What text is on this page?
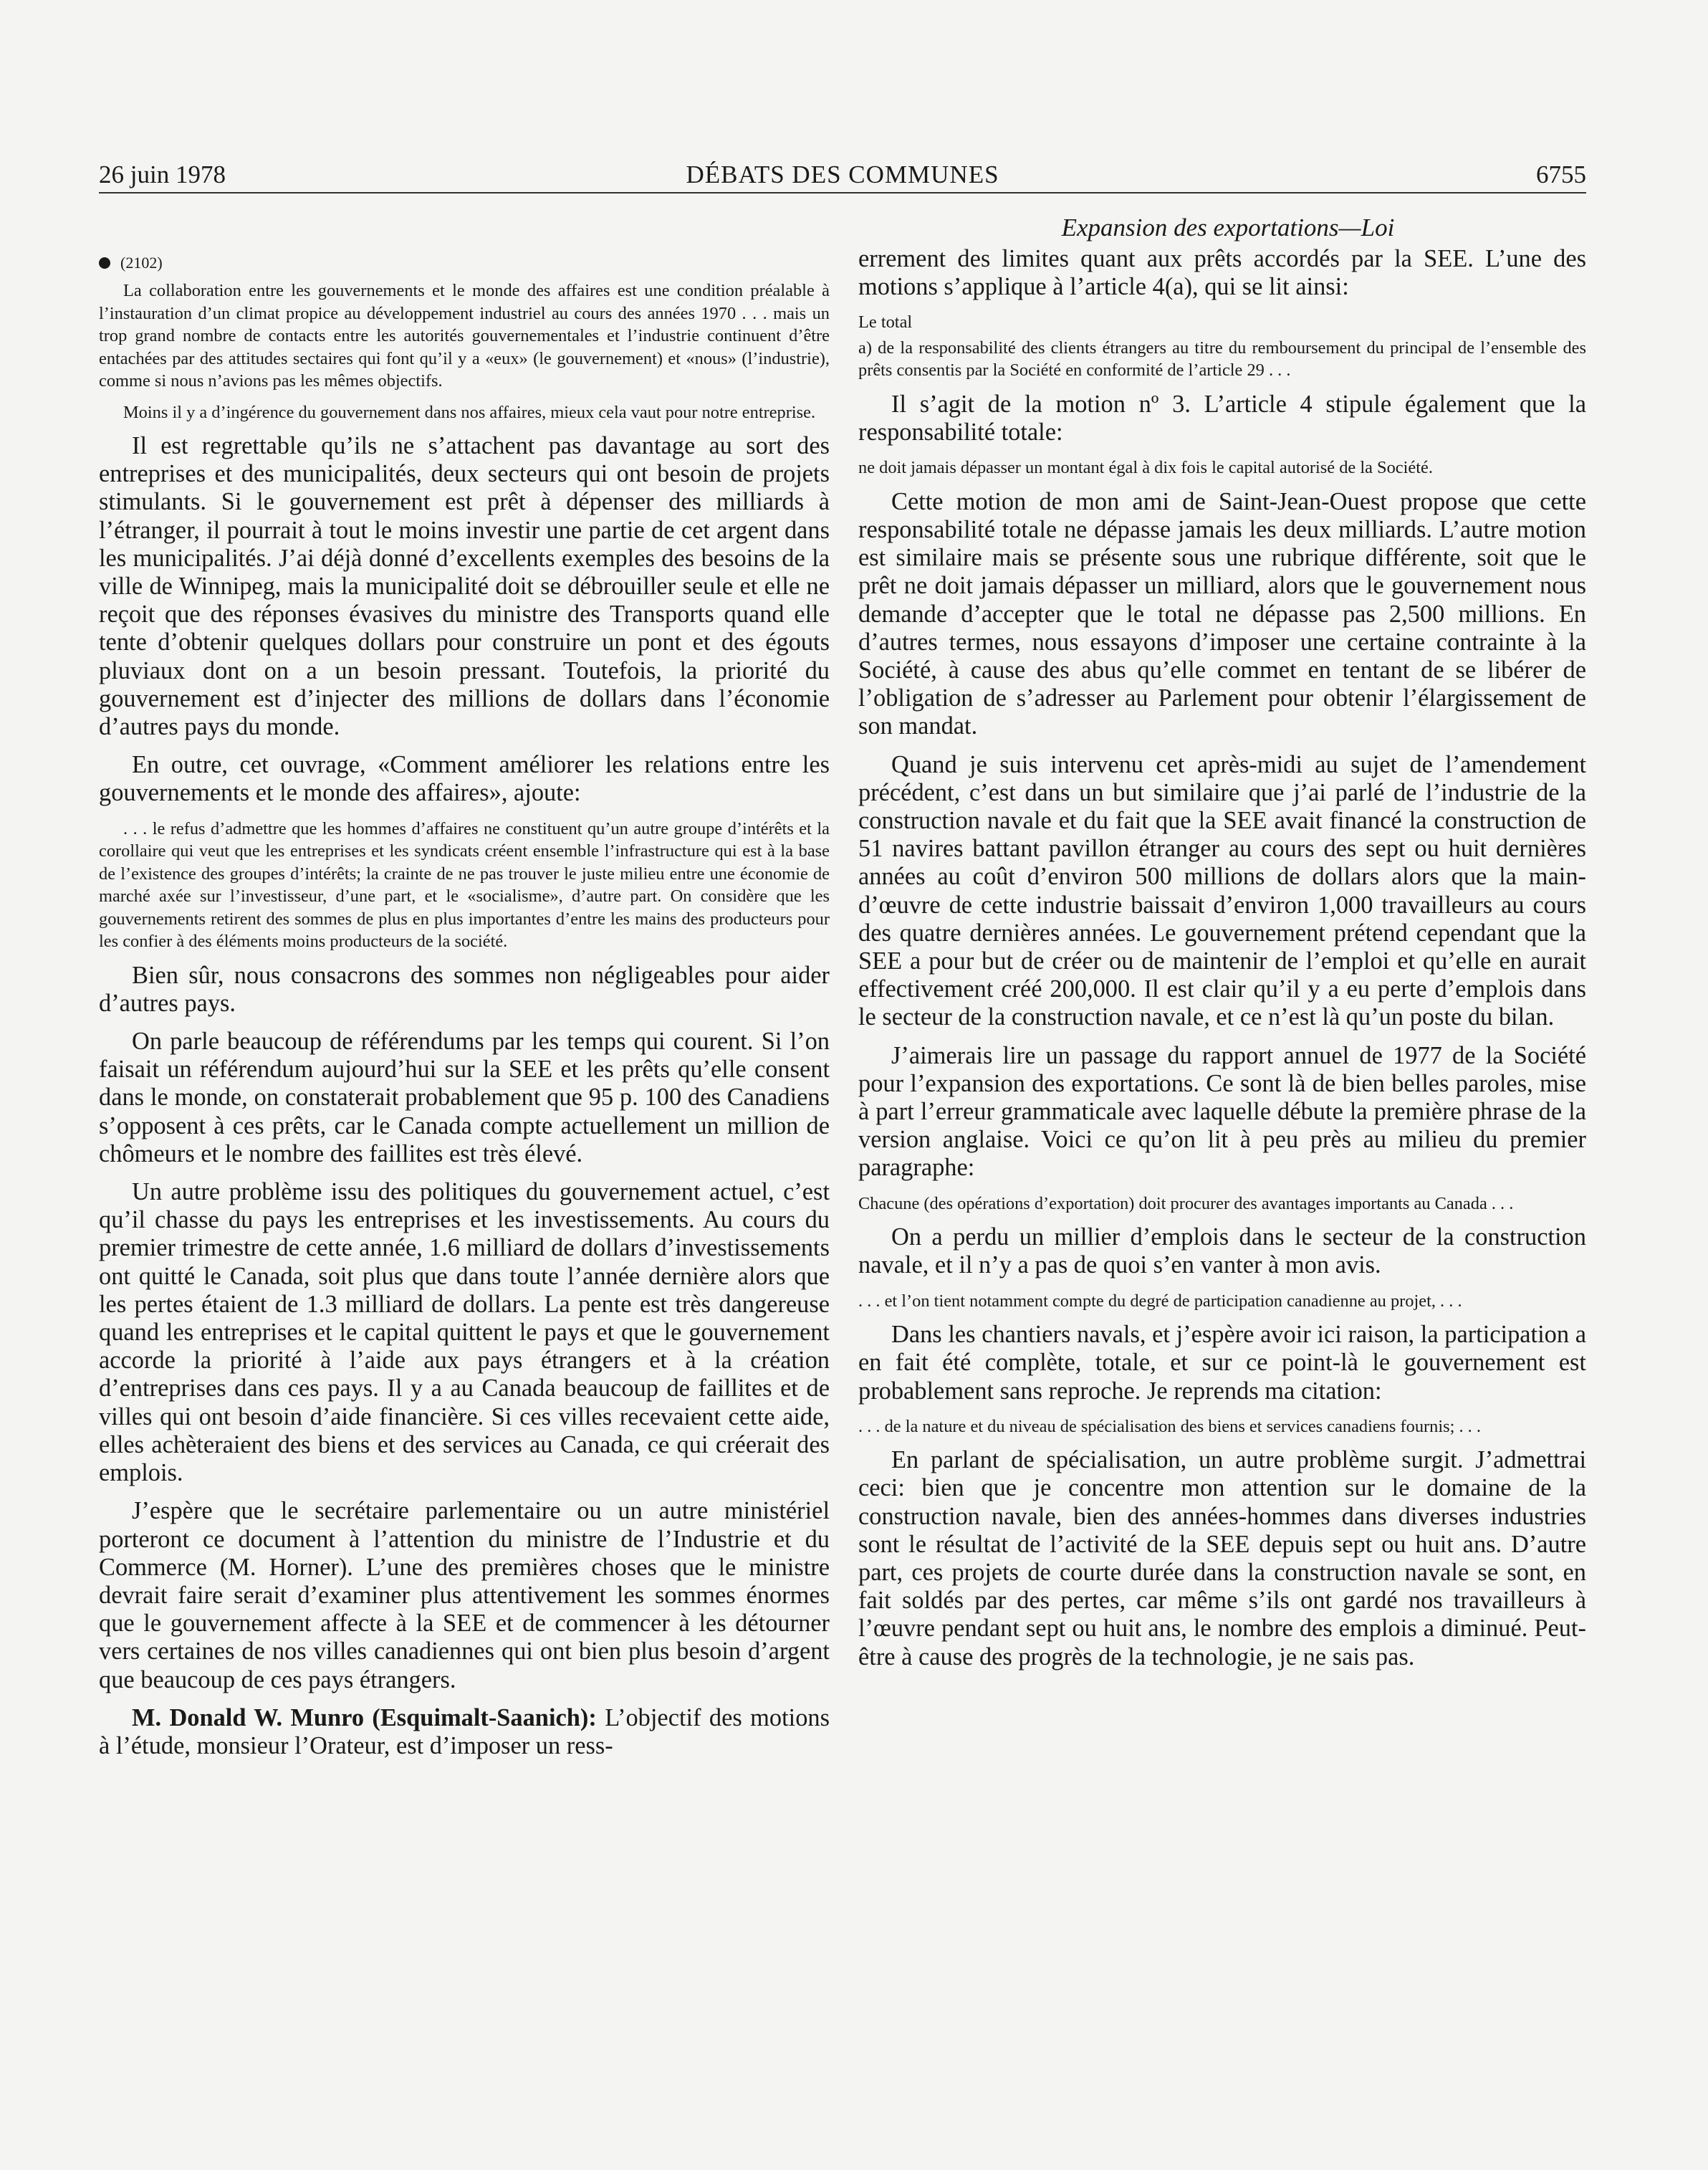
26 juin 1978	DÉBATS DES COMMUNES	6755
(2102)

La collaboration entre les gouvernements et le monde des affaires est une condition préalable à l’instauration d’un climat propice au développement industriel au cours des années 1970 . . . mais un trop grand nombre de contacts entre les autorités gouvernementales et l’industrie continuent d’être entachées par des attitudes sectaires qui font qu’il y a «eux» (le gouvernement) et «nous» (l’industrie), comme si nous n’avions pas les mêmes objectifs.

Moins il y a d’ingérence du gouvernement dans nos affaires, mieux cela vaut pour notre entreprise.

Il est regrettable qu’ils ne s’attachent pas davantage au sort des entreprises et des municipalités, deux secteurs qui ont besoin de projets stimulants. Si le gouvernement est prêt à dépenser des milliards à l’étranger, il pourrait à tout le moins investir une partie de cet argent dans les municipalités. J’ai déjà donné d’excellents exemples des besoins de la ville de Winnipeg, mais la municipalité doit se débrouiller seule et elle ne reçoit que des réponses évasives du ministre des Transports quand elle tente d’obtenir quelques dollars pour construire un pont et des égouts pluviaux dont on a un besoin pressant. Toutefois, la priorité du gouvernement est d’injecter des millions de dollars dans l’économie d’autres pays du monde.

En outre, cet ouvrage, «Comment améliorer les relations entre les gouvernements et le monde des affaires», ajoute:

. . . le refus d’admettre que les hommes d’affaires ne constituent qu’un autre groupe d’intérêts et la corollaire qui veut que les entreprises et les syndicats créent ensemble l’infrastructure qui est à la base de l’existence des groupes d’intérêts; la crainte de ne pas trouver le juste milieu entre une économie de marché axée sur l’investisseur, d’une part, et le «socialisme», d’autre part. On considère que les gouvernements retirent des sommes de plus en plus importantes d’entre les mains des producteurs pour les confier à des éléments moins producteurs de la société.

Bien sûr, nous consacrons des sommes non négligeables pour aider d’autres pays.

On parle beaucoup de référendums par les temps qui courent. Si l’on faisait un référendum aujourd’hui sur la SEE et les prêts qu’elle consent dans le monde, on constaterait probablement que 95 p. 100 des Canadiens s’opposent à ces prêts, car le Canada compte actuellement un million de chômeurs et le nombre des faillites est très élevé.

Un autre problème issu des politiques du gouvernement actuel, c’est qu’il chasse du pays les entreprises et les investissements. Au cours du premier trimestre de cette année, 1.6 milliard de dollars d’investissements ont quitté le Canada, soit plus que dans toute l’année dernière alors que les pertes étaient de 1.3 milliard de dollars. La pente est très dangereuse quand les entreprises et le capital quittent le pays et que le gouvernement accorde la priorité à l’aide aux pays étrangers et à la création d’entreprises dans ces pays. Il y a au Canada beaucoup de faillites et de villes qui ont besoin d’aide financière. Si ces villes recevaient cette aide, elles achèteraient des biens et des services au Canada, ce qui créerait des emplois.

J’espère que le secrétaire parlementaire ou un autre ministériel porteront ce document à l’attention du ministre de l’Industrie et du Commerce (M. Horner). L’une des premières choses que le ministre devrait faire serait d’examiner plus attentivement les sommes énormes que le gouvernement affecte à la SEE et de commencer à les détourner vers certaines de nos villes canadiennes qui ont bien plus besoin d’argent que beaucoup de ces pays étrangers.

M. Donald W. Munro (Esquimalt-Saanich): L’objectif des motions à l’étude, monsieur l’Orateur, est d’imposer un ress-

Expansion des exportations—Loi

errement des limites quant aux prêts accordés par la SEE. L’une des motions s’applique à l’article 4(a), qui se lit ainsi:

Le total

a) de la responsabilité des clients étrangers au titre du remboursement du principal de l’ensemble des prêts consentis par la Société en conformité de l’article 29 . . .

Il s’agit de la motion nº 3. L’article 4 stipule également que la responsabilité totale:

ne doit jamais dépasser un montant égal à dix fois le capital autorisé de la Société.

Cette motion de mon ami de Saint-Jean-Ouest propose que cette responsabilité totale ne dépasse jamais les deux milliards. L’autre motion est similaire mais se présente sous une rubrique différente, soit que le prêt ne doit jamais dépasser un milliard, alors que le gouvernement nous demande d’accepter que le total ne dépasse pas 2,500 millions. En d’autres termes, nous essayons d’imposer une certaine contrainte à la Société, à cause des abus qu’elle commet en tentant de se libérer de l’obligation de s’adresser au Parlement pour obtenir l’élargissement de son mandat.

Quand je suis intervenu cet après-midi au sujet de l’amendement précédent, c’est dans un but similaire que j’ai parlé de l’industrie de la construction navale et du fait que la SEE avait financé la construction de 51 navires battant pavillon étranger au cours des sept ou huit dernières années au coût d’environ 500 millions de dollars alors que la main-d’œuvre de cette industrie baissait d’environ 1,000 travailleurs au cours des quatre dernières années. Le gouvernement prétend cependant que la SEE a pour but de créer ou de maintenir de l’emploi et qu’elle en aurait effectivement créé 200,000. Il est clair qu’il y a eu perte d’emplois dans le secteur de la construction navale, et ce n’est là qu’un poste du bilan.

J’aimerais lire un passage du rapport annuel de 1977 de la Société pour l’expansion des exportations. Ce sont là de bien belles paroles, mise à part l’erreur grammaticale avec laquelle débute la première phrase de la version anglaise. Voici ce qu’on lit à peu près au milieu du premier paragraphe:

Chacune (des opérations d’exportation) doit procurer des avantages importants au Canada . . .

On a perdu un millier d’emplois dans le secteur de la construction navale, et il n’y a pas de quoi s’en vanter à mon avis.

. . . et l’on tient notamment compte du degré de participation canadienne au projet, . . .

Dans les chantiers navals, et j’espère avoir ici raison, la participation a en fait été complète, totale, et sur ce point-là le gouvernement est probablement sans reproche. Je reprends ma citation:

. . . de la nature et du niveau de spécialisation des biens et services canadiens fournis; . . .

En parlant de spécialisation, un autre problème surgit. J’admettrai ceci: bien que je concentre mon attention sur le domaine de la construction navale, bien des années-hommes dans diverses industries sont le résultat de l’activité de la SEE depuis sept ou huit ans. D’autre part, ces projets de courte durée dans la construction navale se sont, en fait soldés par des pertes, car même s’ils ont gardé nos travailleurs à l’œuvre pendant sept ou huit ans, le nombre des emplois a diminué. Peut-être à cause des progrès de la technologie, je ne sais pas.
